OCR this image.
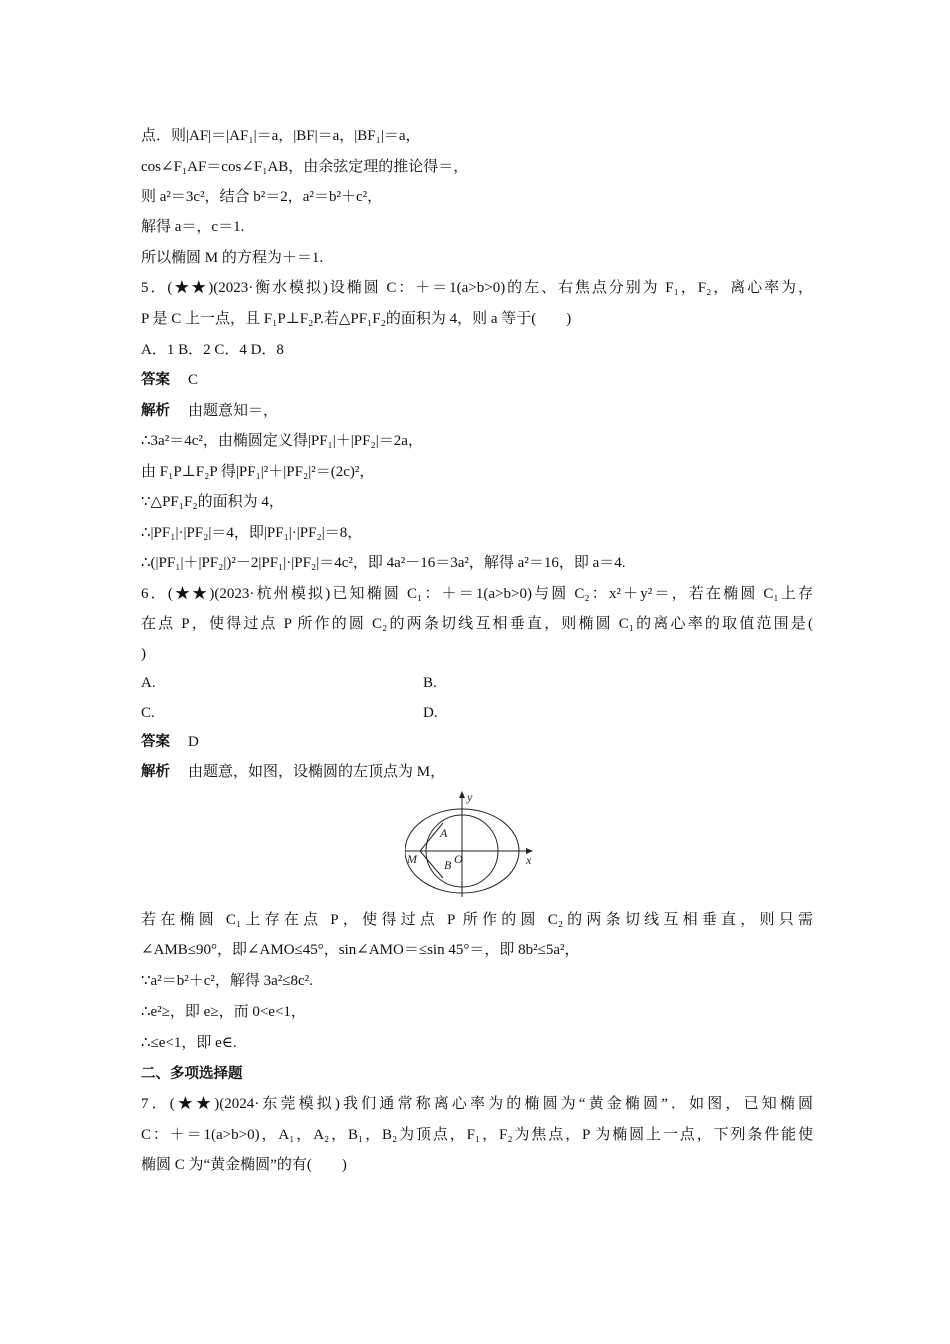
点．则|AF|＝|AF₁|＝a，|BF|＝a，|BF₁|＝a，
cos∠F₁AF＝cos∠F₁AB，由余弦定理的推论得＝，
则 a²＝3c²，结合 b²＝2，a²＝b²＋c²，
解得 a＝，c＝1.
所以椭圆 M 的方程为＋＝1.
5．(★★)(2023·衡水模拟)设椭圆 C：＋＝1(a>b>0)的左、右焦点分别为 F₁，F₂，离心率为，
P 是 C 上一点，且 F₁P⊥F₂P.若△PF₁F₂的面积为 4，则 a 等于(　　)
A．1 B．2 C．4 D．8
答案 C
解析 由题意知＝，
∴3a²＝4c²，由椭圆定义得|PF₁|＋|PF₂|＝2a，
由 F₁P⊥F₂P 得|PF₁|²＋|PF₂|²＝(2c)²，
∵△PF₁F₂的面积为 4，
∴|PF₁|·|PF₂|＝4，即|PF₁|·|PF₂|＝8，
∴(|PF₁|＋|PF₂|)²－2|PF₁|·|PF₂|＝4c²，即 4a²－16＝3a²，解得 a²＝16，即 a＝4.
6．(★★)(2023·杭州模拟)已知椭圆 C₁：＋＝1(a>b>0)与圆 C₂：x²＋y²＝，若在椭圆 C₁上存
在点 P，使得过点 P 所作的圆 C₂的两条切线互相垂直，则椭圆 C₁的离心率的取值范围是(
)
A.	B.
C.	D.
答案 D
解析 由题意，如图，设椭圆的左顶点为 M，
y
x
A
B O
M
若在椭圆 C₁上存在点 P，使得过点 P 所作的圆 C₂的两条切线互相垂直，则只需
∠AMB≤90°，即∠AMO≤45°，sin∠AMO＝≤sin 45°＝，即 8b²≤5a²，
∵a²＝b²＋c²，解得 3a²≤8c².
∴e²≥，即 e≥，而 0<e<1，
∴≤e<1，即 e∈.
二、多项选择题
7．(★★)(2024·东莞模拟)我们通常称离心率为的椭圆为“黄金椭圆”．如图，已知椭圆
C：＋＝1(a>b>0)，A₁，A₂，B₁，B₂为顶点，F₁，F₂为焦点，P 为椭圆上一点，下列条件能使
椭圆 C 为“黄金椭圆”的有(　　)
